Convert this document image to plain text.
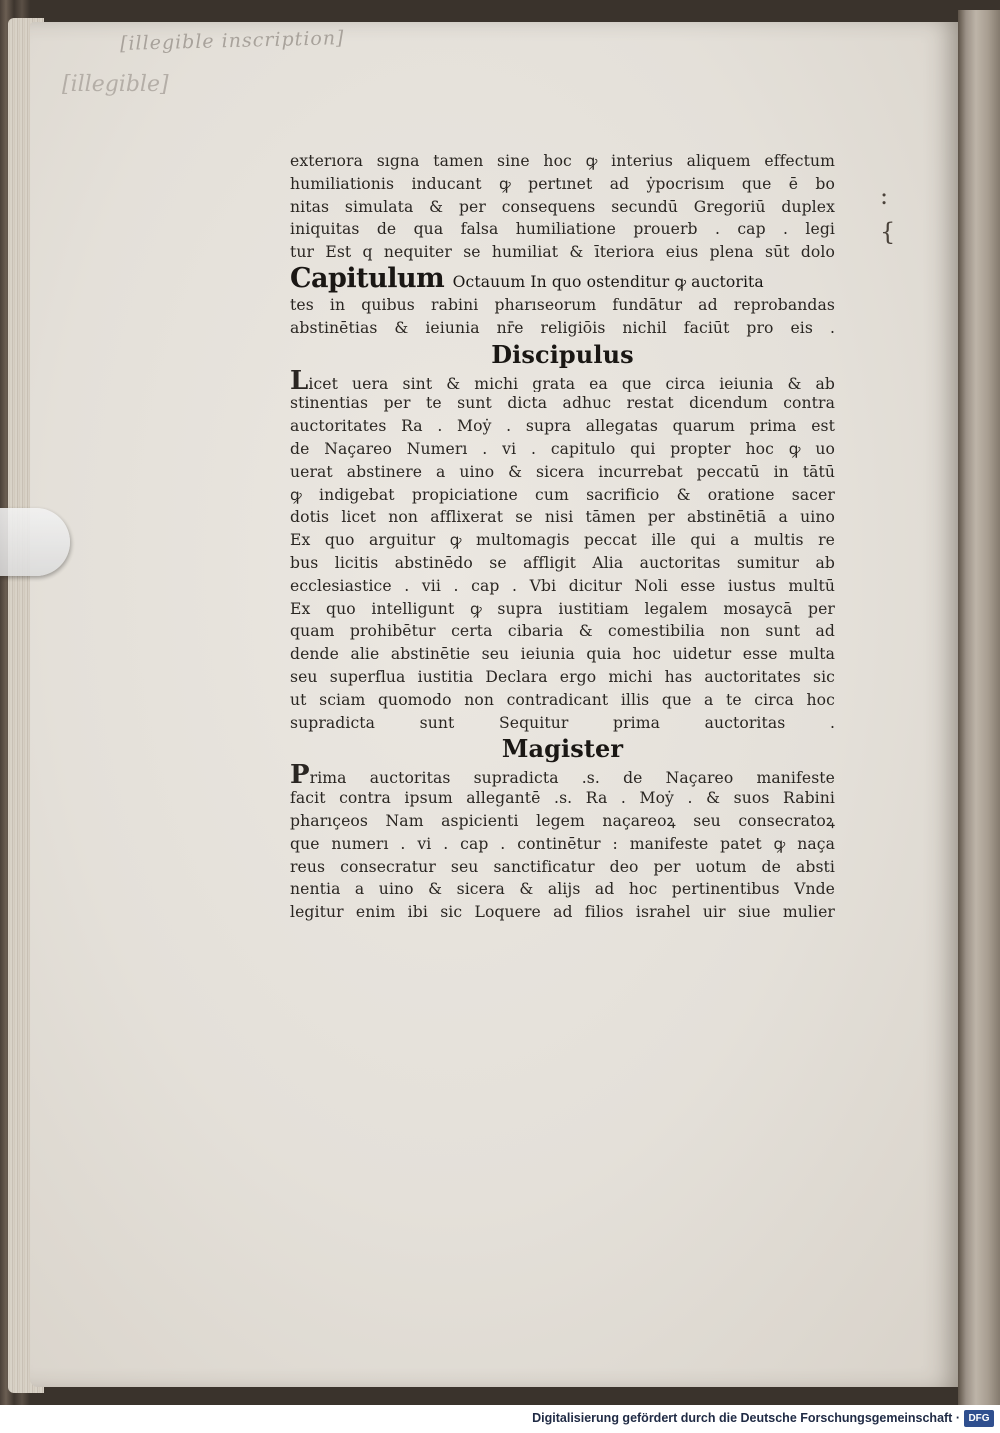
[illegible inscription]
[illegible]
exterıora sıgna tamen sine hoc ꝙ interius aliquem effectum
humiliationis inducant ꝙ pertınet ad ẏpocrisım que ē bo
nitas simulata & per consequens secundū Gregoriū duplex
iniquitas de qua falsa humiliatione prouerb . cap . legi
tur Est q nequiter se humiliat & īteriora eius plena sūt dolo
Capitulum Octauum In quo ostenditur ꝙ auctorita
tes in quibus rabini pharıseorum fundātur ad reprobandas
abstinētias & ieiunia nr̄e religiōis nichil faciūt pro eis .
Discipulus
Licet uera sint & michi grata ea que circa ieiunia & ab
stinentias per te sunt dicta adhuc restat dicendum contra
auctoritates Ra . Moẏ . supra allegatas quarum prima est
de Naçareo Numerı . vi . capitulo qui propter hoc ꝙ uo
uerat abstinere a uino & sicera incurrebat peccatū in tātū
ꝙ indigebat propiciatione cum sacrificio & oratione sacer
dotis licet non afflixerat se nisi tāmen per abstinētiā a uino
Ex quo arguitur ꝙ multomagis peccat ille qui a multis re
bus licitis abstinēdo se affligit Alia auctoritas sumitur ab
ecclesiastice . vii . cap . Vbi dicitur Noli esse iustus multū
Ex quo intelligunt ꝙ supra iustitiam legalem mosaycā per
quam prohibētur certa cibaria & comestibilia non sunt ad
dende alie abstinētie seu ieiunia quia hoc uidetur esse multa
seu superflua iustitia Declara ergo michi has auctoritates sic
ut sciam quomodo non contradicant illis que a te circa hoc
supradicta sunt Sequitur prima auctoritas .
Magister
Prima auctoritas supradicta .s. de Naçareo manifeste
facit contra ipsum allegantē .s. Ra . Moẏ . & suos Rabini
pharıçeos Nam aspicienti legem naçareoꝝ seu consecratoꝝ
que numerı . vi . cap . continētur : manifeste patet ꝙ naça
reus consecratur seu sanctificatur deo per uotum de absti
nentia a uino & sicera & alijs ad hoc pertinentibus Vnde
legitur enim ibi sic Loquere ad filios israhel uir siue mulier
:
{
Digitalisierung gefördert durch die Deutsche Forschungsgemeinschaft · DFG
